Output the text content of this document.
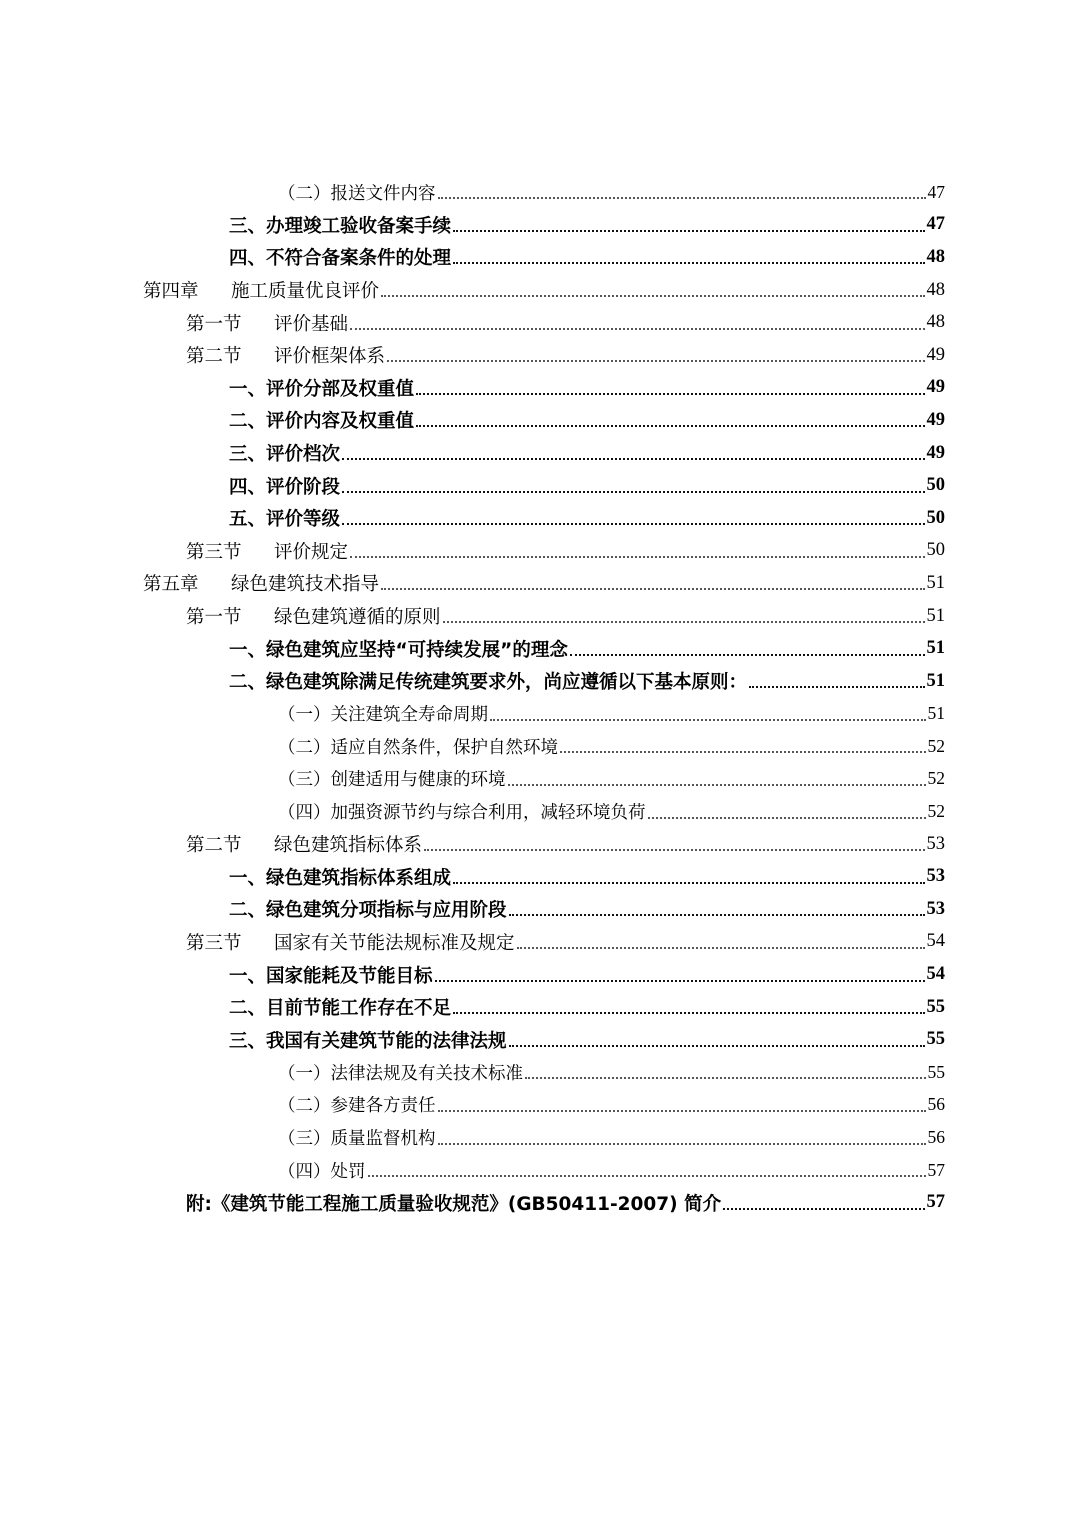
（二）报送文件内容	47
三、办理竣工验收备案手续	47
四、不符合备案条件的处理	48
第四章	施工质量优良评价	48
第一节	评价基础	48
第二节	评价框架体系	49
一、评价分部及权重值	49
二、评价内容及权重值	49
三、评价档次	49
四、评价阶段	50
五、评价等级	50
第三节	评价规定	50
第五章	绿色建筑技术指导	51
第一节	绿色建筑遵循的原则	51
一、绿色建筑应坚持“可持续发展”的理念	51
二、绿色建筑除满足传统建筑要求外，尚应遵循以下基本原则：	51
（一）关注建筑全寿命周期	51
（二）适应自然条件，保护自然环境	52
（三）创建适用与健康的环境	52
（四）加强资源节约与综合利用，减轻环境负荷	52
第二节	绿色建筑指标体系	53
一、绿色建筑指标体系组成	53
二、绿色建筑分项指标与应用阶段	53
第三节	国家有关节能法规标准及规定	54
一、国家能耗及节能目标	54
二、目前节能工作存在不足	55
三、我国有关建筑节能的法律法规	55
（一）法律法规及有关技术标准	55
（二）参建各方责任	56
（三）质量监督机构	56
（四）处罚	57
附:《建筑节能工程施工质量验收规范》(GB50411-2007) 简介	57
